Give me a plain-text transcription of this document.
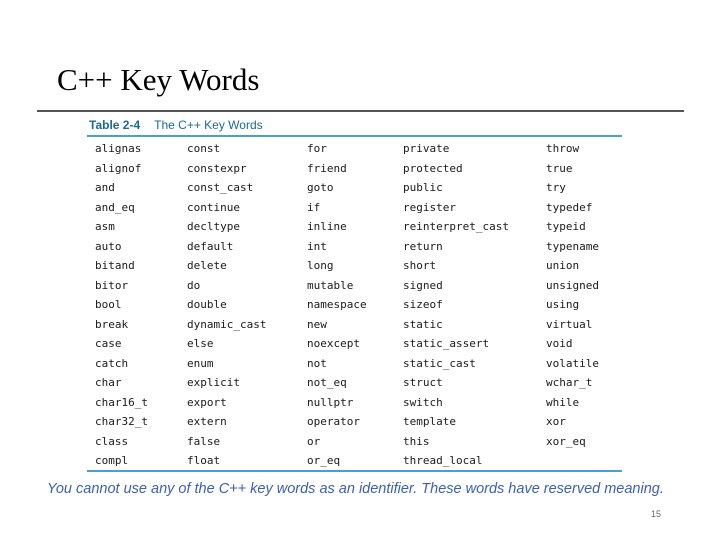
C++ Key Words
Table 2-4 The C++ Key Words
alignas	const	for	private	throw
alignof	constexpr	friend	protected	true
and	const_cast	goto	public	try
and_eq	continue	if	register	typedef
asm	decltype	inline	reinterpret_cast	typeid
auto	default	int	return	typename
bitand	delete	long	short	union
bitor	do	mutable	signed	unsigned
bool	double	namespace	sizeof	using
break	dynamic_cast	new	static	virtual
case	else	noexcept	static_assert	void
catch	enum	not	static_cast	volatile
char	explicit	not_eq	struct	wchar_t
char16_t	export	nullptr	switch	while
char32_t	extern	operator	template	xor
class	false	or	this	xor_eq
compl	float	or_eq	thread_local	
You cannot use any of the C++ key words as an identifier. These words have reserved meaning.
15
